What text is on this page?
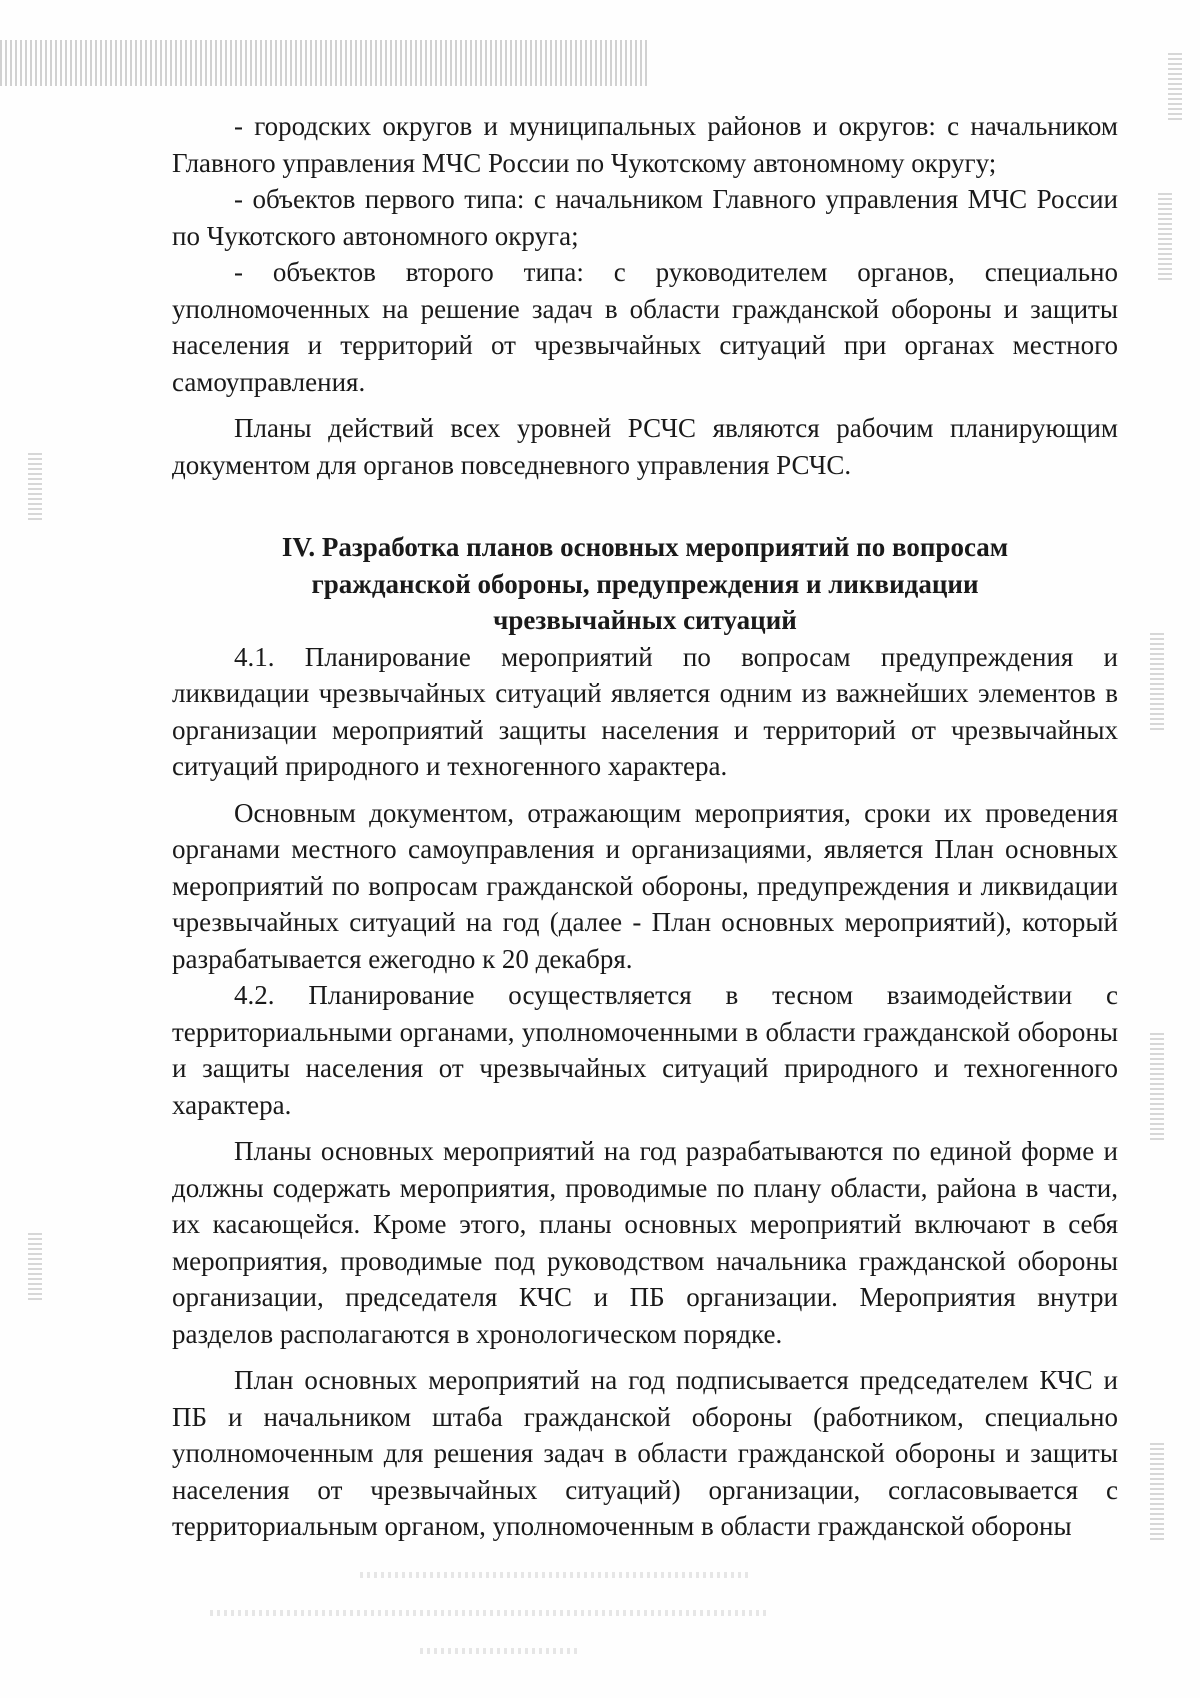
- городских округов и муниципальных районов и округов: с начальником Главного управления МЧС России по Чукотскому автономному округу;

- объектов первого типа: с начальником Главного управления МЧС России по Чукотского автономного округа;

- объектов второго типа: с руководителем органов, специально уполномоченных на решение задач в области гражданской обороны и защиты населения и территорий от чрезвычайных ситуаций при органах местного самоуправления.

Планы действий всех уровней РСЧС являются рабочим планирующим документом для органов повседневного управления РСЧС.

IV. Разработка планов основных мероприятий по вопросам
гражданской обороны, предупреждения и ликвидации
чрезвычайных ситуаций

4.1. Планирование мероприятий по вопросам предупреждения и ликвидации чрезвычайных ситуаций является одним из важнейших элементов в организации мероприятий защиты населения и территорий от чрезвычайных ситуаций природного и техногенного характера.

Основным документом, отражающим мероприятия, сроки их проведения органами местного самоуправления и организациями, является План основных мероприятий по вопросам гражданской обороны, предупреждения и ликвидации чрезвычайных ситуаций на год (далее - План основных мероприятий), который разрабатывается ежегодно к 20 декабря.

4.2. Планирование осуществляется в тесном взаимодействии с территориальными органами, уполномоченными в области гражданской обороны и защиты населения от чрезвычайных ситуаций природного и техногенного характера.

Планы основных мероприятий на год разрабатываются по единой форме и должны содержать мероприятия, проводимые по плану области, района в части, их касающейся. Кроме этого, планы основных мероприятий включают в себя мероприятия, проводимые под руководством начальника гражданской обороны организации, председателя КЧС и ПБ организации. Мероприятия внутри разделов располагаются в хронологическом порядке.

План основных мероприятий на год подписывается председателем КЧС и ПБ и начальником штаба гражданской обороны (работником, специально уполномоченным для решения задач в области гражданской обороны и защиты населения от чрезвычайных ситуаций) организации, согласовывается с территориальным органом, уполномоченным в области гражданской обороны
